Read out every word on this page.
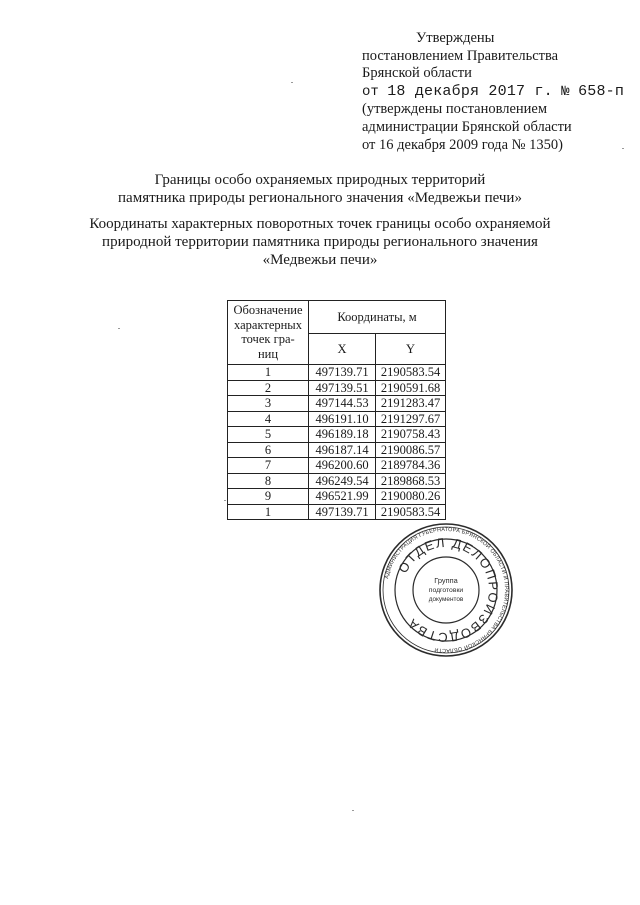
Утверждены
постановлением Правительства
Брянской области
от 18 декабря 2017 г. № 658-п
(утверждены постановлением
администрации Брянской области
от 16 декабря 2009 года № 1350)
Границы особо охраняемых природных территорий
памятника природы регионального значения «Медвежьи печи»
Координаты характерных поворотных точек границы особо охраняемой
природной территории памятника природы регионального значения
«Медвежьи печи»
Обозначение
характерных
точек гра-
ниц	Координаты, м	
	X	Y
1	497139.71	2190583.54
2	497139.51	2190591.68
3	497144.53	2191283.47
4	496191.10	2191297.67
5	496189.18	2190758.43
6	496187.14	2190086.57
7	496200.60	2189784.36
8	496249.54	2189868.53
9	496521.99	2190080.26
1	497139.71	2190583.54
АДМИНИСТРАЦИЯ ГУБЕРНАТОРА БРЯНСКОЙ ОБЛАСТИ И ПРАВИТЕЛЬСТВА БРЯНСКОЙ ОБЛАСТИ
ОТДЕЛ ДЕЛОПРОИЗВОДСТВА
Группа
подготовки
документов
